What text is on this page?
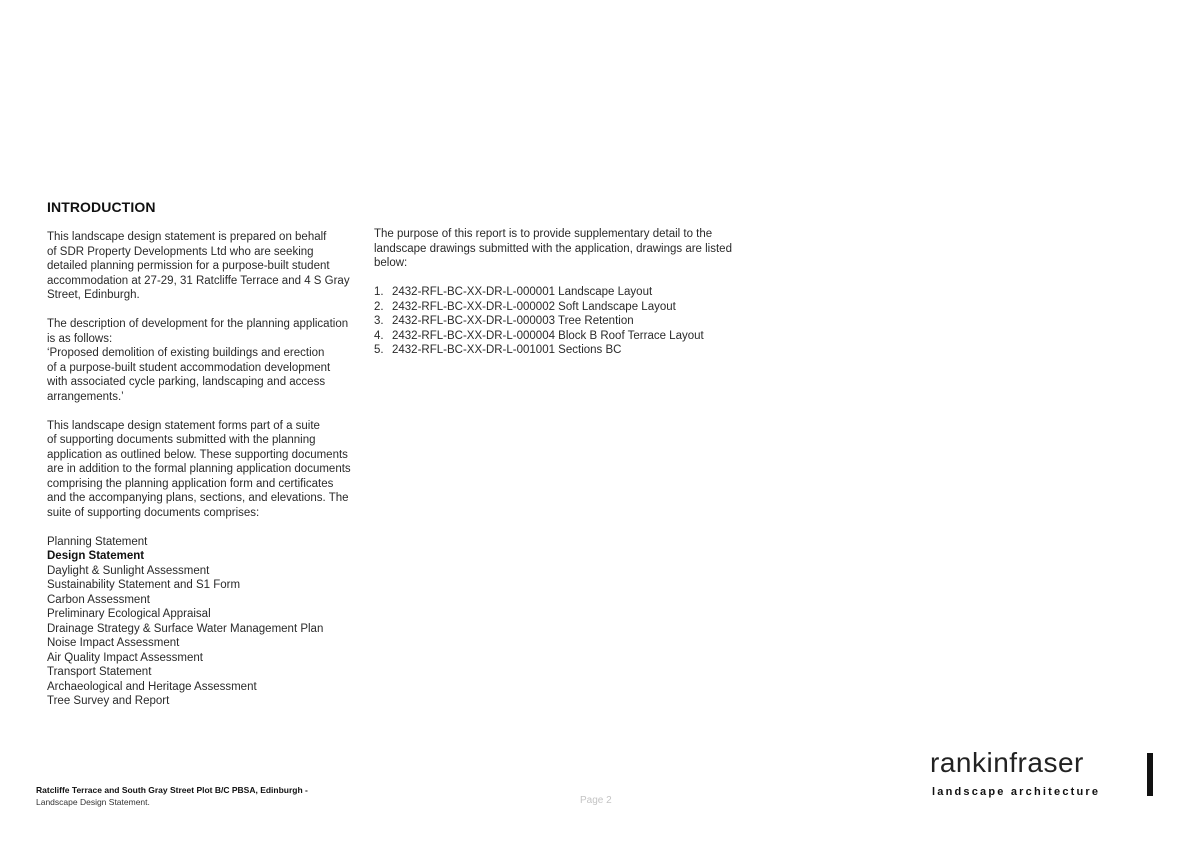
INTRODUCTION

This landscape design statement is prepared on behalf
of SDR Property Developments Ltd who are seeking
detailed planning permission for a purpose-built student
accommodation at 27-29, 31 Ratcliffe Terrace and 4 S Gray
Street, Edinburgh.

The description of development for the planning application
is as follows:
‘Proposed demolition of existing buildings and erection
of a purpose-built student accommodation development
with associated cycle parking, landscaping and access
arrangements.’

This landscape design statement forms part of a suite
of supporting documents submitted with the planning
application as outlined below. These supporting documents
are in addition to the formal planning application documents
comprising the planning application form and certificates
and the accompanying plans, sections, and elevations. The
suite of supporting documents comprises:

Planning Statement
Design Statement
Daylight & Sunlight Assessment
Sustainability Statement and S1 Form
Carbon Assessment
Preliminary Ecological Appraisal
Drainage Strategy & Surface Water Management Plan
Noise Impact Assessment
Air Quality Impact Assessment
Transport Statement
Archaeological and Heritage Assessment
Tree Survey and Report

The purpose of this report is to provide supplementary detail to the
landscape drawings submitted with the application, drawings are listed
below:

1. 2432-RFL-BC-XX-DR-L-000001 Landscape Layout
2. 2432-RFL-BC-XX-DR-L-000002 Soft Landscape Layout
3. 2432-RFL-BC-XX-DR-L-000003 Tree Retention
4. 2432-RFL-BC-XX-DR-L-000004 Block B Roof Terrace Layout
5. 2432-RFL-BC-XX-DR-L-001001 Sections BC
Ratcliffe Terrace and South Gray Street Plot B/C PBSA, Edinburgh -
Landscape Design Statement.	Page 2
rankinfraser
landscape architecture
